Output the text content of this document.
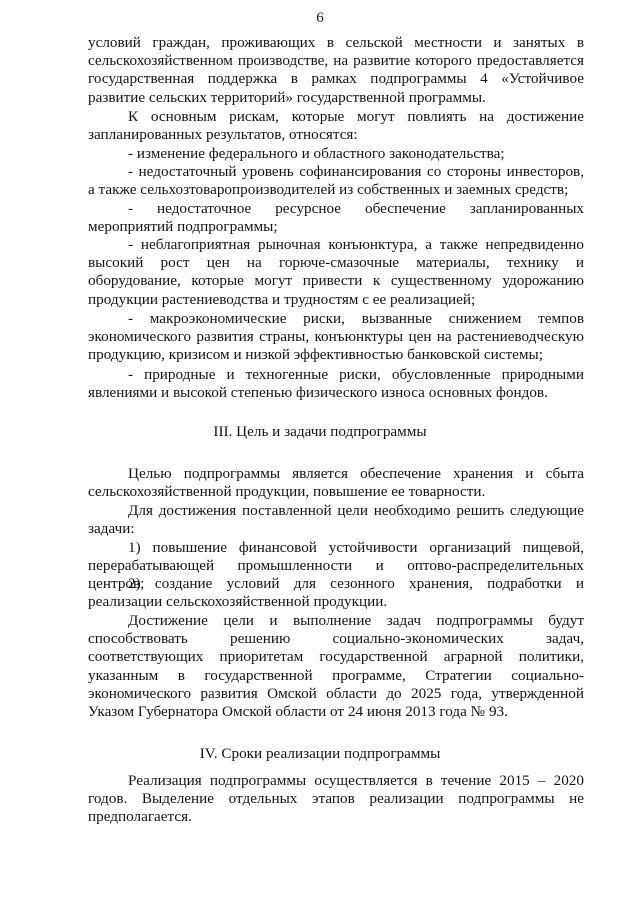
6

условий граждан, проживающих в сельской местности и занятых в сельскохозяйственном производстве, на развитие которого предоставляется государственная поддержка в рамках подпрограммы 4 «Устойчивое развитие сельских территорий» государственной программы.

К основным рискам, которые могут повлиять на достижение запланированных результатов, относятся:

- изменение федерального и областного законодательства;

- недостаточный уровень софинансирования со стороны инвесторов, а также сельхозтоваропроизводителей из собственных и заемных средств;

- недостаточное ресурсное обеспечение запланированных мероприятий подпрограммы;

- неблагоприятная рыночная конъюнктура, а также непредвиденно высокий рост цен на горюче-смазочные материалы, технику и оборудование, которые могут привести к существенному удорожанию продукции растениеводства и трудностям с ее реализацией;

- макроэкономические риски, вызванные снижением темпов экономического развития страны, конъюнктуры цен на растениеводческую продукцию, кризисом и низкой эффективностью банковской системы;

- природные и техногенные риски, обусловленные природными явлениями и высокой степенью физического износа основных фондов.

III. Цель и задачи подпрограммы

Целью подпрограммы является обеспечение хранения и сбыта сельскохозяйственной продукции, повышение ее товарности.

Для достижения поставленной цели необходимо решить следующие задачи:

1) повышение финансовой устойчивости организаций пищевой, перерабатывающей промышленности и оптово-распределительных центров;

2) создание условий для сезонного хранения, подработки и реализации сельскохозяйственной продукции.

Достижение цели и выполнение задач подпрограммы будут способствовать решению социально-экономических задач, соответствующих приоритетам государственной аграрной политики, указанным в государственной программе, Стратегии социально-экономического развития Омской области до 2025 года, утвержденной Указом Губернатора Омской области от 24 июня 2013 года № 93.

IV. Сроки реализации подпрограммы

Реализация подпрограммы осуществляется в течение 2015 – 2020 годов. Выделение отдельных этапов реализации подпрограммы не предполагается.
